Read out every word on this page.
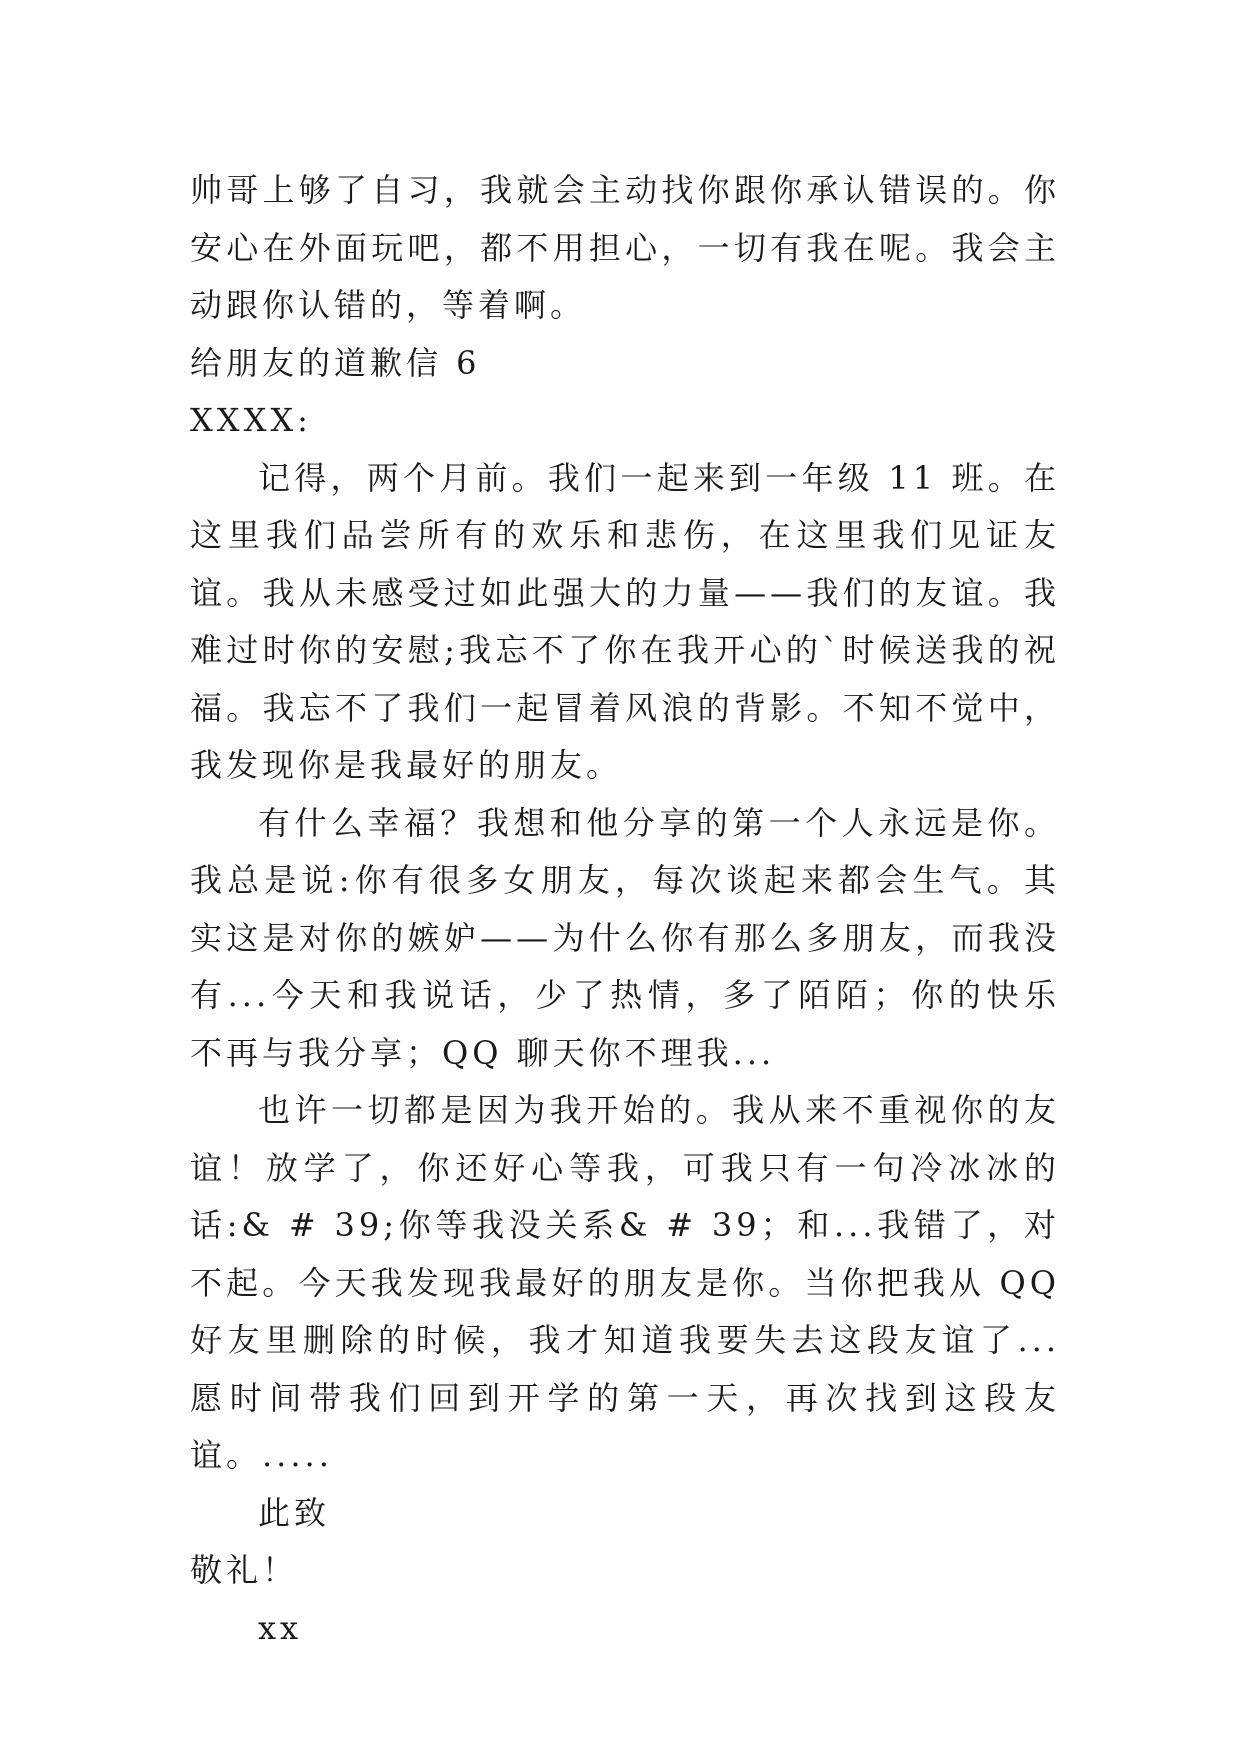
帅哥上够了自习，我就会主动找你跟你承认错误的。你安心在外面玩吧，都不用担心，一切有我在呢。我会主动跟你认错的，等着啊。

给朋友的道歉信 6

XXXX:

记得，两个月前。我们一起来到一年级 11 班。在这里我们品尝所有的欢乐和悲伤，在这里我们见证友谊。我从未感受过如此强大的力量——我们的友谊。我难过时你的安慰;我忘不了你在我开心的`时候送我的祝福。我忘不了我们一起冒着风浪的背影。不知不觉中，我发现你是我最好的朋友。

有什么幸福？我想和他分享的第一个人永远是你。我总是说:你有很多女朋友，每次谈起来都会生气。其实这是对你的嫉妒——为什么你有那么多朋友，而我没有...今天和我说话，少了热情，多了陌陌；你的快乐不再与我分享；QQ 聊天你不理我...

也许一切都是因为我开始的。我从来不重视你的友谊！放学了，你还好心等我，可我只有一句冷冰冰的话:& # 39;你等我没关系& # 39；和...我错了，对不起。今天我发现我最好的朋友是你。当你把我从 QQ 好友里删除的时候，我才知道我要失去这段友谊了...愿时间带我们回到开学的第一天，再次找到这段友谊。.....

此致

敬礼！

xx
